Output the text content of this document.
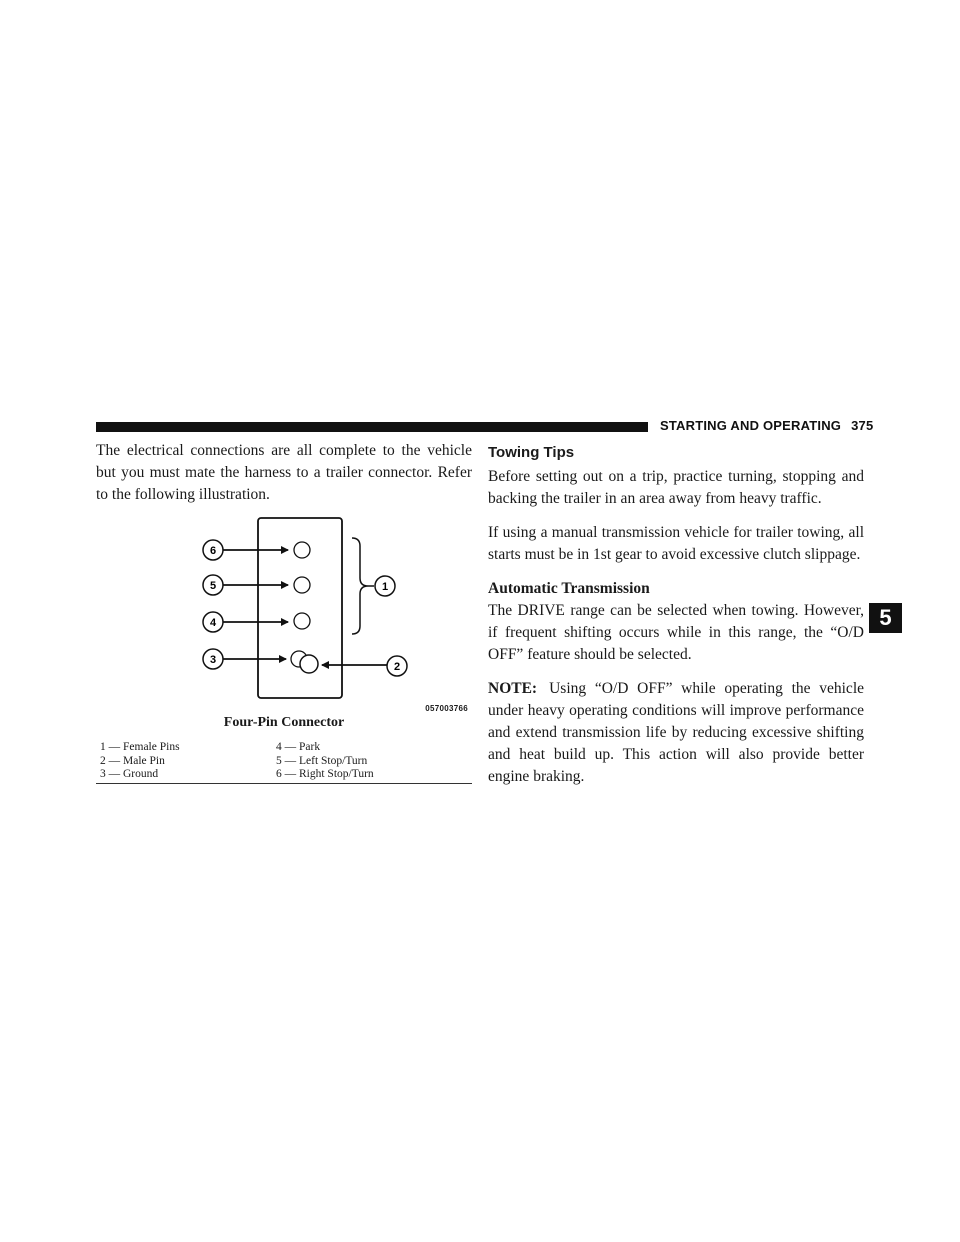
STARTING AND OPERATING 375

The electrical connections are all complete to the vehicle but you must mate the harness to a trailer connector. Refer to the following illustration.

1
2
3
4
5
6
057003766
Four-Pin Connector
1 — Female Pins	4 — Park
2 — Male Pin	5 — Left Stop/Turn
3 — Ground	6 — Right Stop/Turn
Towing Tips

Before setting out on a trip, practice turning, stopping and backing the trailer in an area away from heavy traffic.

If using a manual transmission vehicle for trailer towing, all starts must be in 1st gear to avoid excessive clutch slippage.

Automatic Transmission

The DRIVE range can be selected when towing. However, if frequent shifting occurs while in this range, the “O/D OFF” feature should be selected.

NOTE: Using “O/D OFF” while operating the vehicle under heavy operating conditions will improve performance and extend transmission life by reducing excessive shifting and heat build up. This action will also provide better engine braking.

5
